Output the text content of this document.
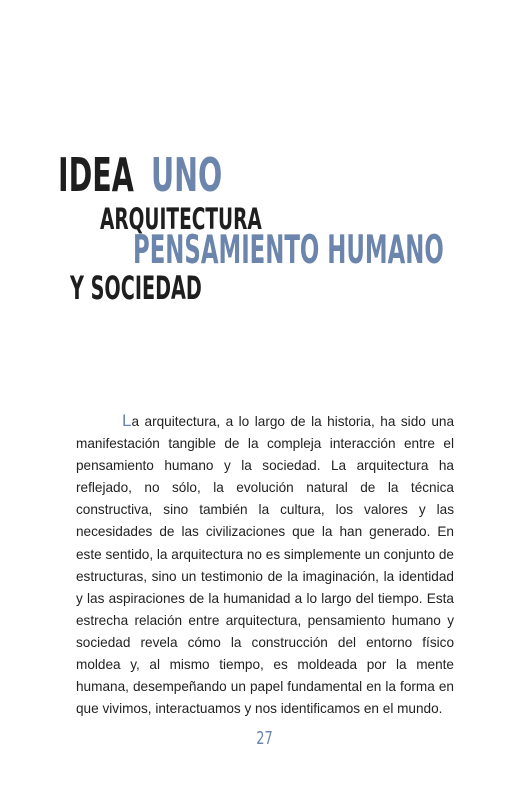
IDEA UNO
ARQUITECTURA
PENSAMIENTO HUMANO
Y SOCIEDAD

La arquitectura, a lo largo de la historia, ha sido una manifestación tangible de la compleja interacción entre el pensamiento humano y la sociedad. La arquitectura ha reflejado, no sólo, la evolución natural de la técnica constructiva, sino también la cultura, los valores y las necesidades de las civilizaciones que la han generado. En este sentido, la arquitectura no es simplemente un conjunto de estructuras, sino un testimonio de la imaginación, la identidad y las aspiraciones de la humanidad a lo largo del tiempo. Esta estrecha relación entre arquitectura, pensamiento humano y sociedad revela cómo la construcción del entorno físico moldea y, al mismo tiempo, es moldeada por la mente humana, desempeñando un papel fundamental en la forma en que vivimos, interactuamos y nos identificamos en el mundo.

27
